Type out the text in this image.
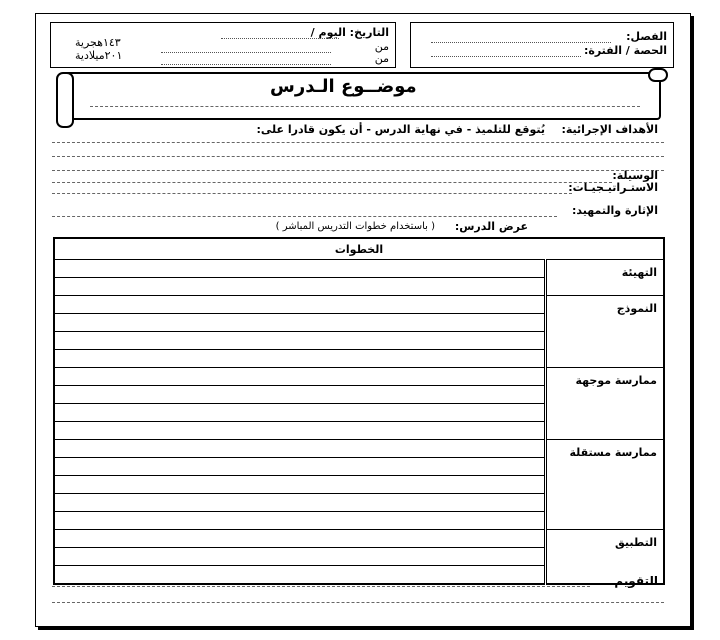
التاريخ: اليوم /
من
من
١٤٣هجرية
٢٠١ميلادية
الفصل:
الحصة / الفترة:
موضــوع الـدرس
الأهداف الإجرائية:
يُتوقع للتلميذ - في نهاية الدرس - أن يكون قادرا على:
الوسيلة:
الاستـراتيـجيـات:
الإثارة والتمهيد:
عرض الدرس:
( باستخدام خطوات التدريس المباشر )
الخطوات	
	التهيئة

	النموذج

	ممارسة موجهة

	ممارسة مستقلة

	التطبيق

التقويم
